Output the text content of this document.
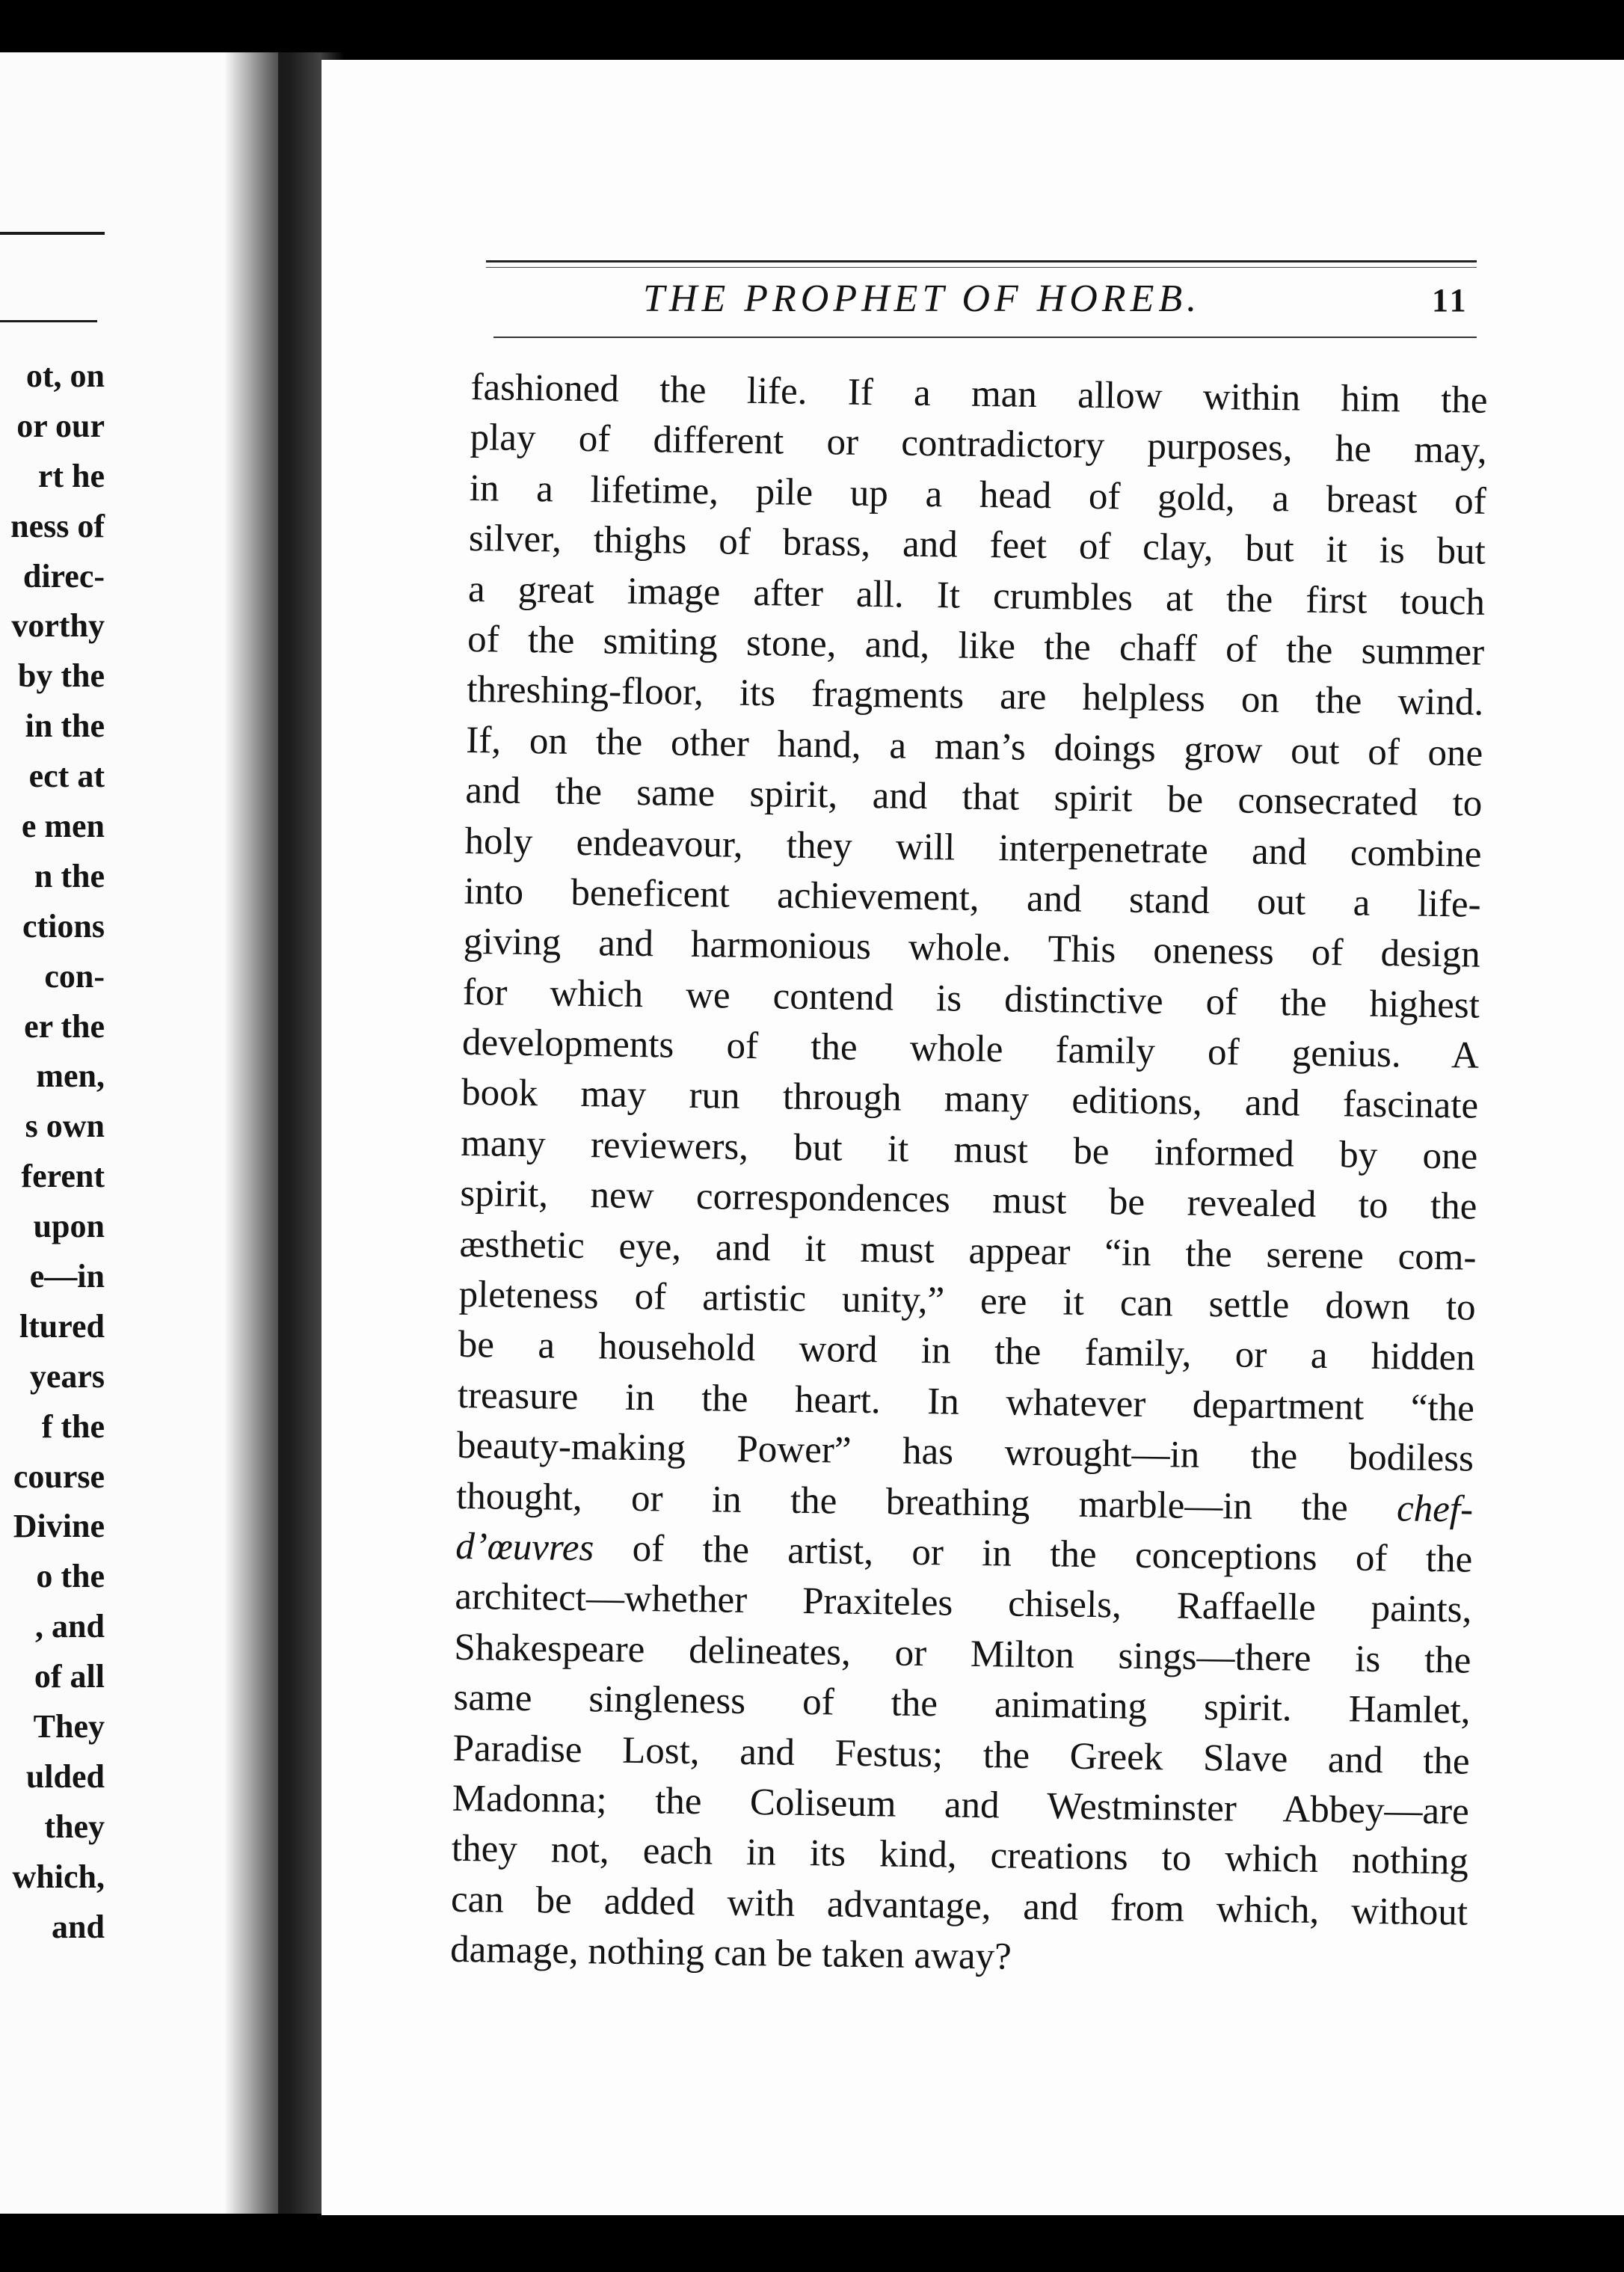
ot, on
or our
rt he
ness of
direc-
vorthy
by the
in the
ect at
e men
n the
ctions
con-
er the
men,
s own
ferent
upon
e—in
ltured
years
f the
course
Divine
o the
, and
of all
They
ulded
they
which,
and
THE PROPHET OF HOREB.	11
fashioned the life. If a man allow within him the
play of different or contradictory purposes, he may,
in a lifetime, pile up a head of gold, a breast of
silver, thighs of brass, and feet of clay, but it is but
a great image after all. It crumbles at the first touch
of the smiting stone, and, like the chaff of the summer
threshing-floor, its fragments are helpless on the wind.
If, on the other hand, a man’s doings grow out of one
and the same spirit, and that spirit be consecrated to
holy endeavour, they will interpenetrate and combine
into beneficent achievement, and stand out a life-
giving and harmonious whole. This oneness of design
for which we contend is distinctive of the highest
developments of the whole family of genius. A
book may run through many editions, and fascinate
many reviewers, but it must be informed by one
spirit, new correspondences must be revealed to the
æsthetic eye, and it must appear “in the serene com-
pleteness of artistic unity,” ere it can settle down to
be a household word in the family, or a hidden
treasure in the heart. In whatever department “the
beauty-making Power” has wrought—in the bodiless
thought, or in the breathing marble—in the chef-
d’œuvres of the artist, or in the conceptions of the
architect—whether Praxiteles chisels, Raffaelle paints,
Shakespeare delineates, or Milton sings—there is the
same singleness of the animating spirit. Hamlet,
Paradise Lost, and Festus; the Greek Slave and the
Madonna; the Coliseum and Westminster Abbey—are
they not, each in its kind, creations to which nothing
can be added with advantage, and from which, without
damage, nothing can be taken away?
